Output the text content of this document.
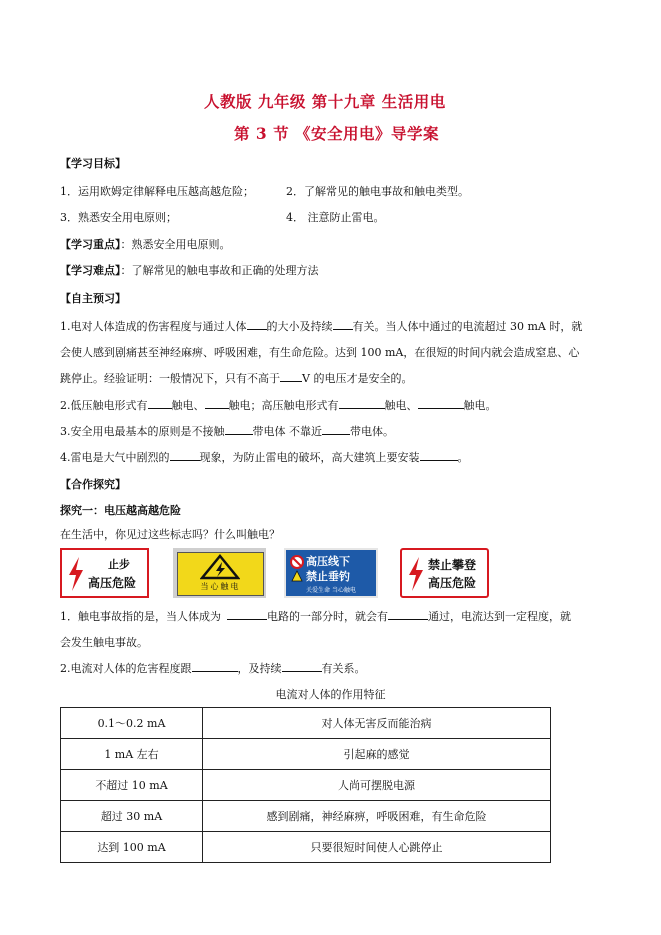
人教版 九年级 第十九章 生活用电
第 3 节 《安全用电》导学案
【学习目标】
1．运用欧姆定律解释电压越高越危险；	2．了解常见的触电事故和触电类型。
3．熟悉安全用电原则；	4． 注意防止雷电。
【学习重点】：熟悉安全用电原则。
【学习难点】：了解常见的触电事故和正确的处理方法
【自主预习】
1.电对人体造成的伤害程度与通过人体 的大小及持续 有关。当人体中通过的电流超过 30 mA 时，就
会使人感到剧痛甚至神经麻痹、呼吸困难，有生命危险。达到 100 mA，在很短的时间内就会造成窒息、心
跳停止。经验证明：一般情况下，只有不高于 V 的电压才是安全的。
2.低压触电形式有 触电、 触电；高压触电形式有	触电、	触电。
3.安全用电最基本的原则是不接触	带电体 不靠近	带电体。
4.雷电是大气中剧烈的	现象，为防止雷电的破坏，高大建筑上要安装	。
【合作探究】
探究一：电压越高越危险
在生活中，你见过这些标志吗？什么叫触电？
止步
高压危险	当心触电
高压线下
禁止垂钓
关爱生命 当心触电
禁止攀登
高压危险
1．触电事故指的是，当人体成为	电路的一部分时，就会有	通过，电流达到一定程度，就
会发生触电事故。
2.电流对人体的危害程度跟	，及持续	有关系。
电流对人体的作用特征
0.1～0.2 mA	对人体无害反而能治病
1 mA 左右	引起麻的感觉
不超过 10 mA	人尚可摆脱电源
超过 30 mA	感到剧痛，神经麻痹，呼吸困难，有生命危险
达到 100 mA	只要很短时间使人心跳停止
